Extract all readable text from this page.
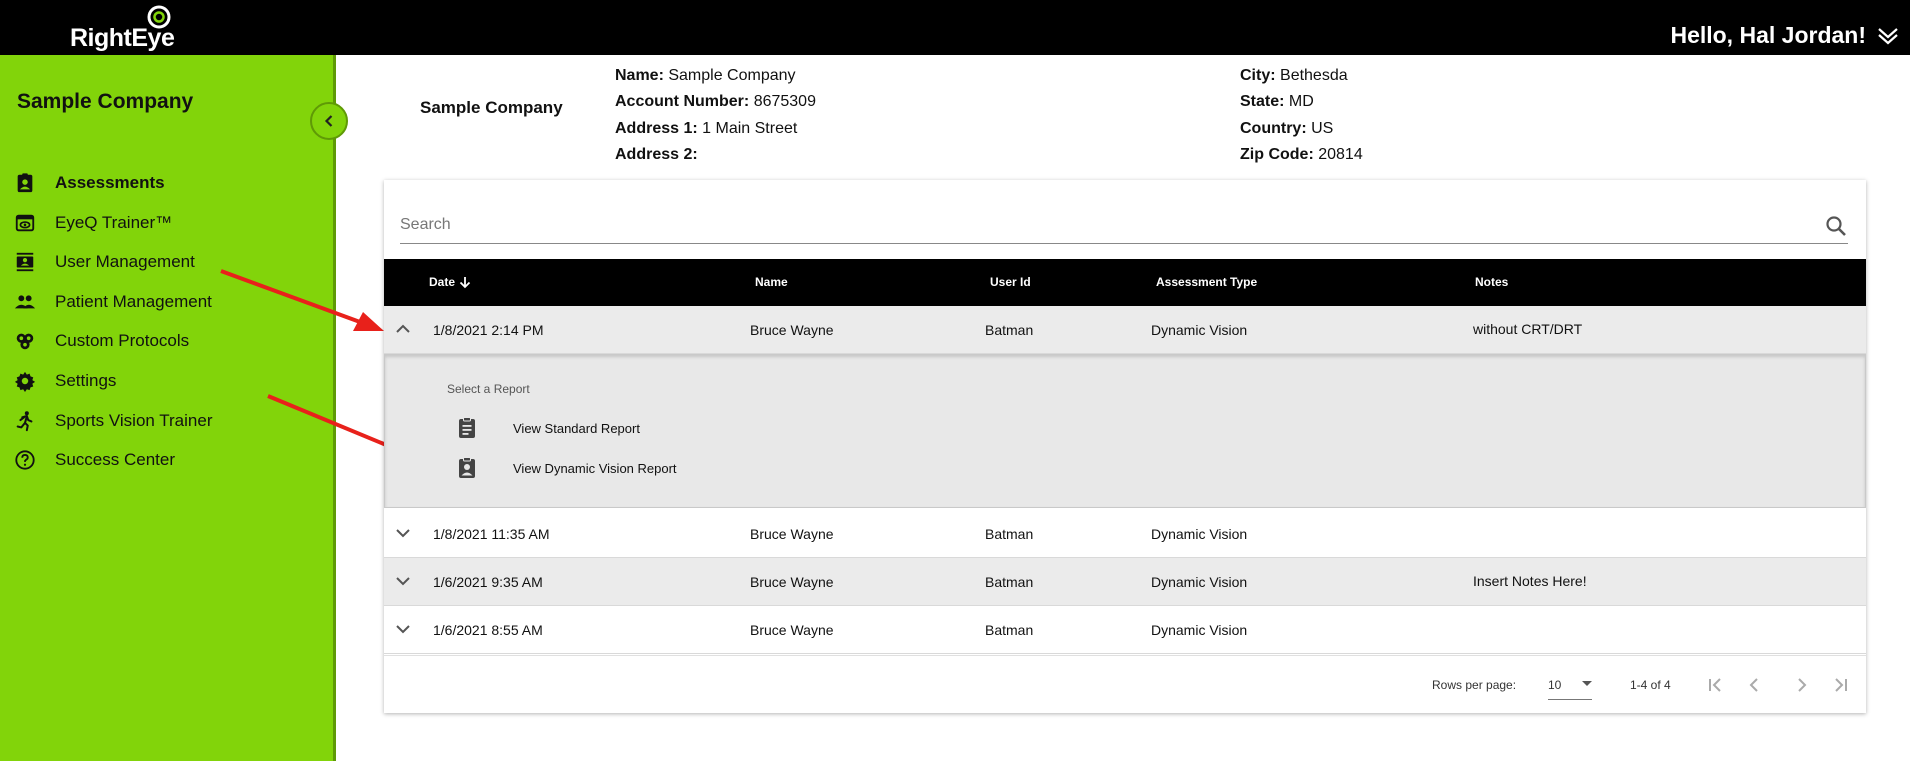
RightEye	Hello, Hal Jordan!
Sample Company
Assessments
EyeQ Trainer™
User Management
Patient Management
Custom Protocols
Settings
Sports Vision Trainer
Success Center
Sample Company
Name: Sample Company
Account Number: 8675309
Address 1: 1 Main Street
Address 2:
City: Bethesda
State: MD
Country: US
Zip Code: 20814
Search
Date	Name	User Id	Assessment Type	Notes
1/8/2021 2:14 PM	Bruce Wayne	Batman	Dynamic Vision	without CRT/DRT
Select a Report
View Standard Report
View Dynamic Vision Report
1/8/2021 11:35 AM	Bruce Wayne	Batman	Dynamic Vision
1/6/2021 9:35 AM	Bruce Wayne	Batman	Dynamic Vision	Insert Notes Here!
1/6/2021 8:55 AM	Bruce Wayne	Batman	Dynamic Vision
Rows per page:	10	1-4 of 4
